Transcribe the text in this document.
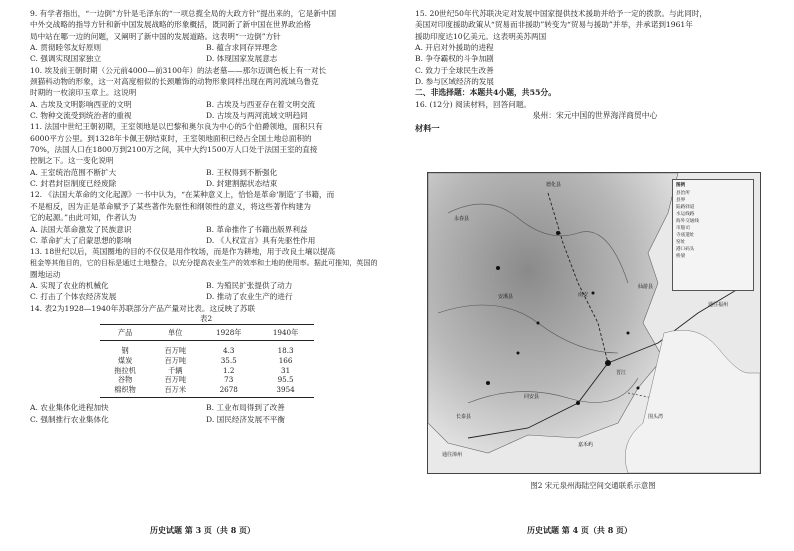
9. 有学者指出，“一边倒”方针是毛泽东的“一项总揽全局的大政方针”提出来的，它是新中国
中外交战略的指导方针和新中国发展战略的形象概括，既同新了新中国在世界政治格
局中站在哪一边的问题，又阐明了新中国的发展道路。这表明“一边倒”方针

A. 贯彻睦邻友好原则	B. 蕴含求同存异理念
C. 强调实现国家独立	D. 体现国家发展意志

10. 埃及前王朝时期（公元前4000—前3100年）的法老墓——那尔迈调色板上有一对长
颈猫科动物的形象，这一对高度相似的长颈雕饰的动物形象同样出现在两河流域乌鲁克
时期的一枚滚印玉章上。这说明

A. 古埃及文明影响西亚的文明	B. 古埃及与西亚存在着文明交流
C. 物种交流受到统治者的重视	D. 古埃及与两河流域文明趋同

11. 法国中世纪王朝初期，王室领地是以巴黎和奥尔良为中心的5个伯爵领地，面积只有
6000平方公里。到1328年卡佩王朝结束时，王室领地面积已经占全国土地总面积的
70%，法国人口在1800万到2100万之间，其中大约1500万人口处于法国王室的直接
控制之下。这一变化说明

A. 王室统治范围不断扩大	B. 王权得到不断强化
C. 封君封臣制度已经废除	D. 封建割据状态结束

12. 《法国大革命的文化起源》一书中认为，“在某种意义上，恰恰是革命‘制造’了书籍，而
不是相反，因为正是革命赋予了某些著作先驱性和纲领性的意义，将这些著作构建为
它的起源。”由此可知，作者认为

A. 法国大革命激发了民族意识	B. 革命推作了书籍出版界利益
C. 革命扩大了启蒙思想的影响	D. 《人权宣言》具有先驱性作用

13. 18世纪以后，英国圈地的目的不仅仅是用作牧场，而是作为耕地，用于改良土壤以提高
租金等其他目的，它的目标是通过土地整合，以充分提高农业生产的效率和土地的使用率。据此可推知，英国的
圈地运动

A. 实现了农业的机械化	B. 为殖民扩张提供了动力
C. 打击了个体农经济发展	D. 推动了农业生产的进行

14. 表2为1928—1940年苏联部分产品产量对比表。这反映了苏联

表2
产品	单位	1928年	1940年
钢	百万吨	4.3	18.3
煤炭	百万吨	35.5	166
拖拉机	千辆	1.2	31
谷物	百万吨	73	95.5
棉织物	百万米	2678	3954
A. 农业集体化进程加快	B. 工业布局得到了改善
C. 强制推行农业集体化	D. 国民经济发展不平衡
历史试题 第 3 页（共 8 页）

15. 20世纪50年代苏联决定对发展中国家提供技术援助并给予一定的拨款。与此同时，
美国对印度援助政策从“贸易而非援助”转变为“贸易与援助”并举，并承诺到1961年
援助印度达10亿美元。这表明美苏两国

A. 开启对外援助的进程
B. 争夺霸权的斗争加剧
C. 致力于全球民生改善
D. 参与区域经济的发展
二、非选择题：本题共4小题，共55分。
16. (12分) 阅读材料，回答问题。
泉州：宋元中国的世界海洋商贸中心
材料一
德化县
永春县
南安
安溪县
晋江
通往福州
同安县
通往漳州
长泰县
嘉禾屿
围头湾
仙游县
图例
县治所
县界
陆路驿道
水运线路
海外交通线
市舶司
寺庙遗址
窑址
港口码头
桥梁
图2 宋元泉州海陆空间交通联系示意图
历史试题 第 4 页（共 8 页）
